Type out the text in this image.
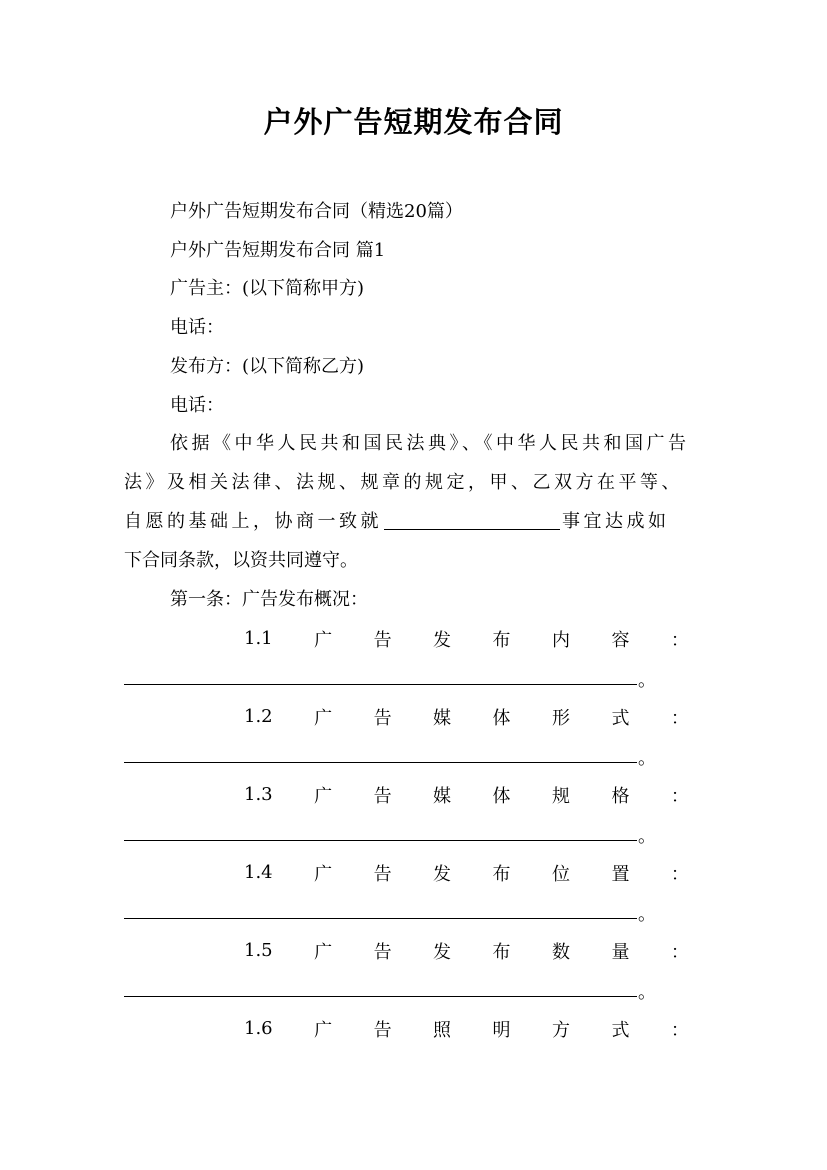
户外广告短期发布合同
户外广告短期发布合同（精选20篇）
户外广告短期发布合同 篇1
广告主：(以下简称甲方)
电话：
发布方：(以下简称乙方)
电话：
依据《中华人民共和国民法典》、《中华人民共和国广告
法》及相关法律、法规、规章的规定，甲、乙双方在平等、
自愿的基础上，协商一致就	事宜达成如
下合同条款，以资共同遵守。
第一条：广告发布概况：
1.1 广 告 发 布 内 容 ：
。
1.2 广 告 媒 体 形 式 ：
。
1.3 广 告 媒 体 规 格 ：
。
1.4 广 告 发 布 位 置 ：
。
1.5 广 告 发 布 数 量 ：
。
1.6 广 告 照 明 方 式 ：
